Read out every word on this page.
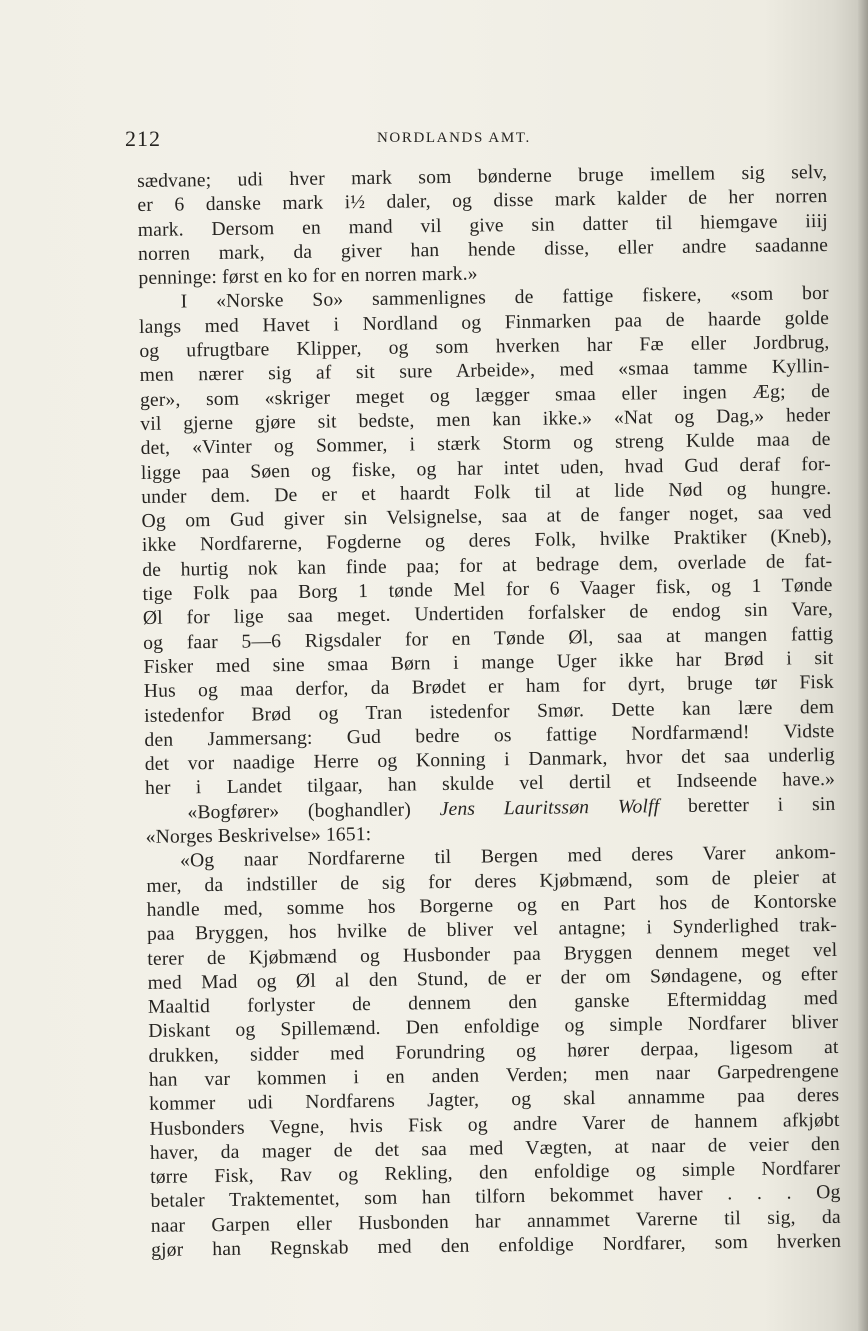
212	NORDLANDS AMT.
sædvane; udi hver mark som bønderne bruge imellem sig selv,
er 6 danske mark i½ daler, og disse mark kalder de her norren
mark. Dersom en mand vil give sin datter til hiemgave iiij
norren mark, da giver han hende disse, eller andre saadanne
penninge: først en ko for en norren mark.»
I «Norske So» sammenlignes de fattige fiskere, «som bor
langs med Havet i Nordland og Finmarken paa de haarde golde
og ufrugtbare Klipper, og som hverken har Fæ eller Jordbrug,
men nærer sig af sit sure Arbeide», med «smaa tamme Kyllin-
ger», som «skriger meget og lægger smaa eller ingen Æg; de
vil gjerne gjøre sit bedste, men kan ikke.» «Nat og Dag,» heder
det, «Vinter og Sommer, i stærk Storm og streng Kulde maa de
ligge paa Søen og fiske, og har intet uden, hvad Gud deraf for-
under dem. De er et haardt Folk til at lide Nød og hungre.
Og om Gud giver sin Velsignelse, saa at de fanger noget, saa ved
ikke Nordfarerne, Fogderne og deres Folk, hvilke Praktiker (Kneb),
de hurtig nok kan finde paa; for at bedrage dem, overlade de fat-
tige Folk paa Borg 1 tønde Mel for 6 Vaager fisk, og 1 Tønde
Øl for lige saa meget. Undertiden forfalsker de endog sin Vare,
og faar 5—6 Rigsdaler for en Tønde Øl, saa at mangen fattig
Fisker med sine smaa Børn i mange Uger ikke har Brød i sit
Hus og maa derfor, da Brødet er ham for dyrt, bruge tør Fisk
istedenfor Brød og Tran istedenfor Smør. Dette kan lære dem
den Jammersang: Gud bedre os fattige Nordfarmænd! Vidste
det vor naadige Herre og Konning i Danmark, hvor det saa underlig
her i Landet tilgaar, han skulde vel dertil et Indseende have.»
«Bogfører» (boghandler) Jens Lauritssøn Wolff beretter i sin
«Norges Beskrivelse» 1651:
«Og naar Nordfarerne til Bergen med deres Varer ankom-
mer, da indstiller de sig for deres Kjøbmænd, som de pleier at
handle med, somme hos Borgerne og en Part hos de Kontorske
paa Bryggen, hos hvilke de bliver vel antagne; i Synderlighed trak-
terer de Kjøbmænd og Husbonder paa Bryggen dennem meget vel
med Mad og Øl al den Stund, de er der om Søndagene, og efter
Maaltid forlyster de dennem den ganske Eftermiddag med
Diskant og Spillemænd. Den enfoldige og simple Nordfarer bliver
drukken, sidder med Forundring og hører derpaa, ligesom at
han var kommen i en anden Verden; men naar Garpedrengene
kommer udi Nordfarens Jagter, og skal annamme paa deres
Husbonders Vegne, hvis Fisk og andre Varer de hannem afkjøbt
haver, da mager de det saa med Vægten, at naar de veier den
tørre Fisk, Rav og Rekling, den enfoldige og simple Nordfarer
betaler Traktementet, som han tilforn bekommet haver . . . Og
naar Garpen eller Husbonden har annammet Varerne til sig, da
gjør han Regnskab med den enfoldige Nordfarer, som hverken
